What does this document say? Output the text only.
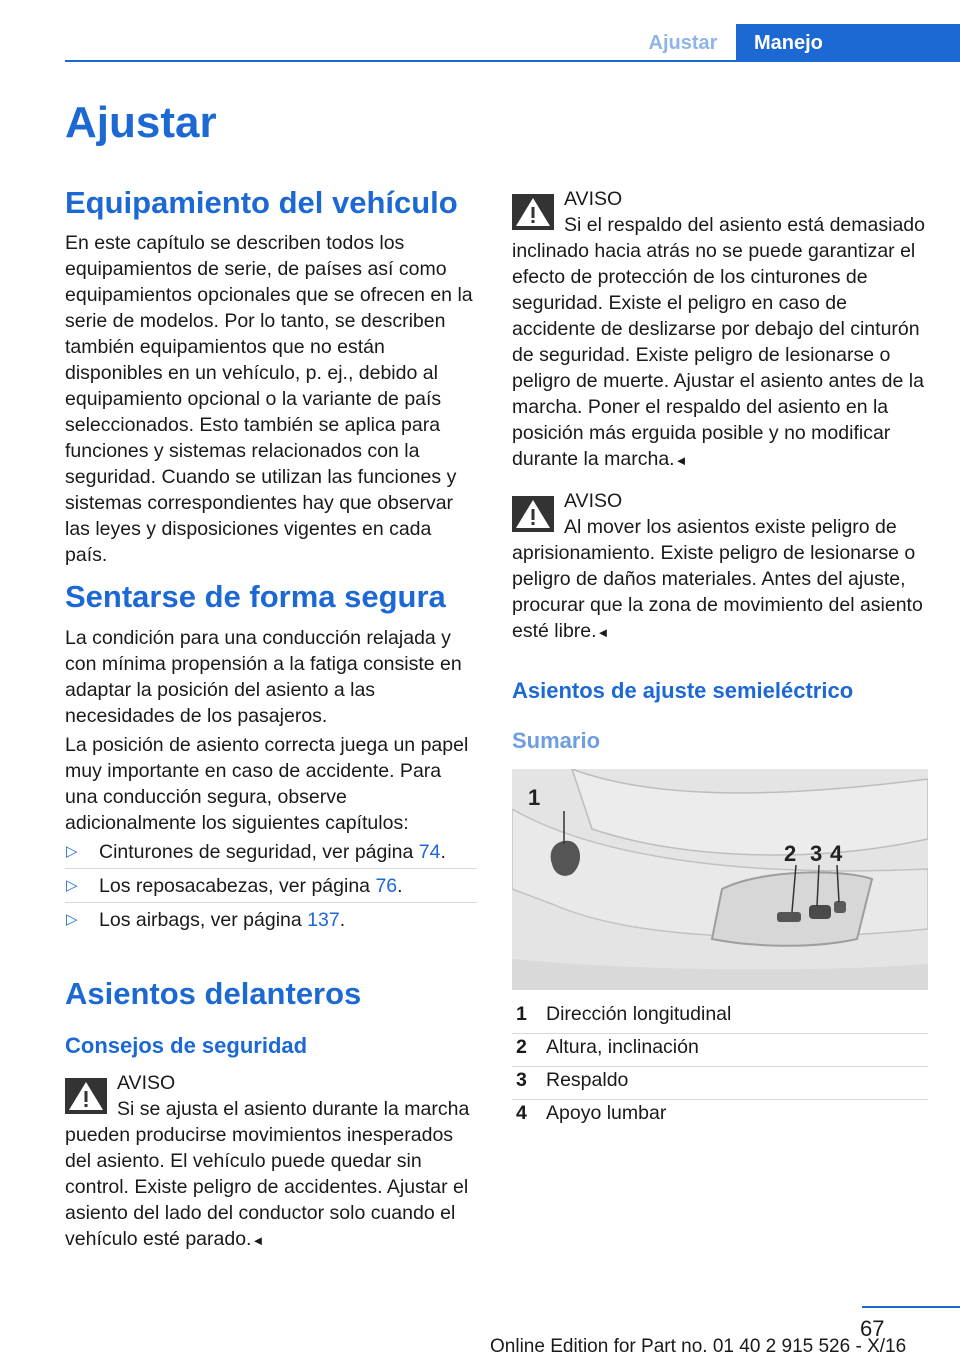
Ajustar	Manejo
Ajustar
Equipamiento del vehículo

En este capítulo se describen todos los equipamientos de serie, de países así como equipamientos opcionales que se ofrecen en la serie de modelos. Por lo tanto, se describen también equipamientos que no están disponibles en un vehículo, p. ej., debido al equipamiento opcional o la variante de país seleccionados. Esto también se aplica para funciones y sistemas relacionados con la seguridad. Cuando se utilizan las funciones y sistemas correspondientes hay que observar las leyes y disposiciones vigentes en cada país.

Sentarse de forma segura

La condición para una conducción relajada y con mínima propensión a la fatiga consiste en adaptar la posición del asiento a las necesidades de los pasajeros.

La posición de asiento correcta juega un papel muy importante en caso de accidente. Para una conducción segura, observe adicionalmente los siguientes capítulos:

▷ Cinturones de seguridad, ver página 74.
▷ Los reposacabezas, ver página 76.
▷ Los airbags, ver página 137.
Asientos delanteros
Consejos de seguridad
AVISO

Si se ajusta el asiento durante la marcha pueden producirse movimientos inesperados del asiento. El vehículo puede quedar sin control. Existe peligro de accidentes. Ajustar el asiento del lado del conductor solo cuando el vehículo esté parado.◄

AVISO

Si el respaldo del asiento está demasiado inclinado hacia atrás no se puede garantizar el efecto de protección de los cinturones de seguridad. Existe el peligro en caso de accidente de deslizarse por debajo del cinturón de seguridad. Existe peligro de lesionarse o peligro de muerte. Ajustar el asiento antes de la marcha. Poner el respaldo del asiento en la posición más erguida posible y no modificar durante la marcha.◄

AVISO

Al mover los asientos existe peligro de aprisionamiento. Existe peligro de lesionarse o peligro de daños materiales. Antes del ajuste, procurar que la zona de movimiento del asiento esté libre.◄

Asientos de ajuste semieléctrico
Sumario
1
2 3 4
1 Dirección longitudinal
2 Altura, inclinación
3 Respaldo
4 Apoyo lumbar
67
Online Edition for Part no. 01 40 2 915 526 - X/16
